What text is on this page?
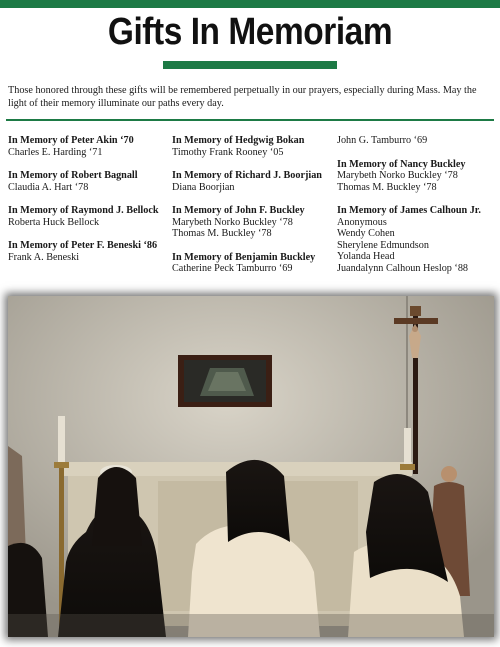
Gifts In Memoriam
Those honored through these gifts will be remembered perpetually in our prayers, especially during Mass. May the light of their memory illuminate our paths every day.
In Memory of Peter Akin ‘70
Charles E. Harding ‘71
In Memory of Robert Bagnall
Claudia A. Hart ‘78
In Memory of Raymond J. Bellock
Roberta Huck Bellock
In Memory of Peter F. Beneski ‘86
Frank A. Beneski
In Memory of Hedgwig Bokan
Timothy Frank Rooney ‘05
In Memory of Richard J. Boorjian
Diana Boorjian
In Memory of John F. Buckley
Marybeth Norko Buckley ‘78
Thomas M. Buckley ‘78
In Memory of Benjamin Buckley
Catherine Peck Tamburro ‘69
John G. Tamburro ‘69
In Memory of Nancy Buckley
Marybeth Norko Buckley ‘78
Thomas M. Buckley ‘78
In Memory of James Calhoun Jr.
Anonymous
Wendy Cohen
Sherylene Edmundson
Yolanda Head
Juandalynn Calhoun Heslop ‘88
